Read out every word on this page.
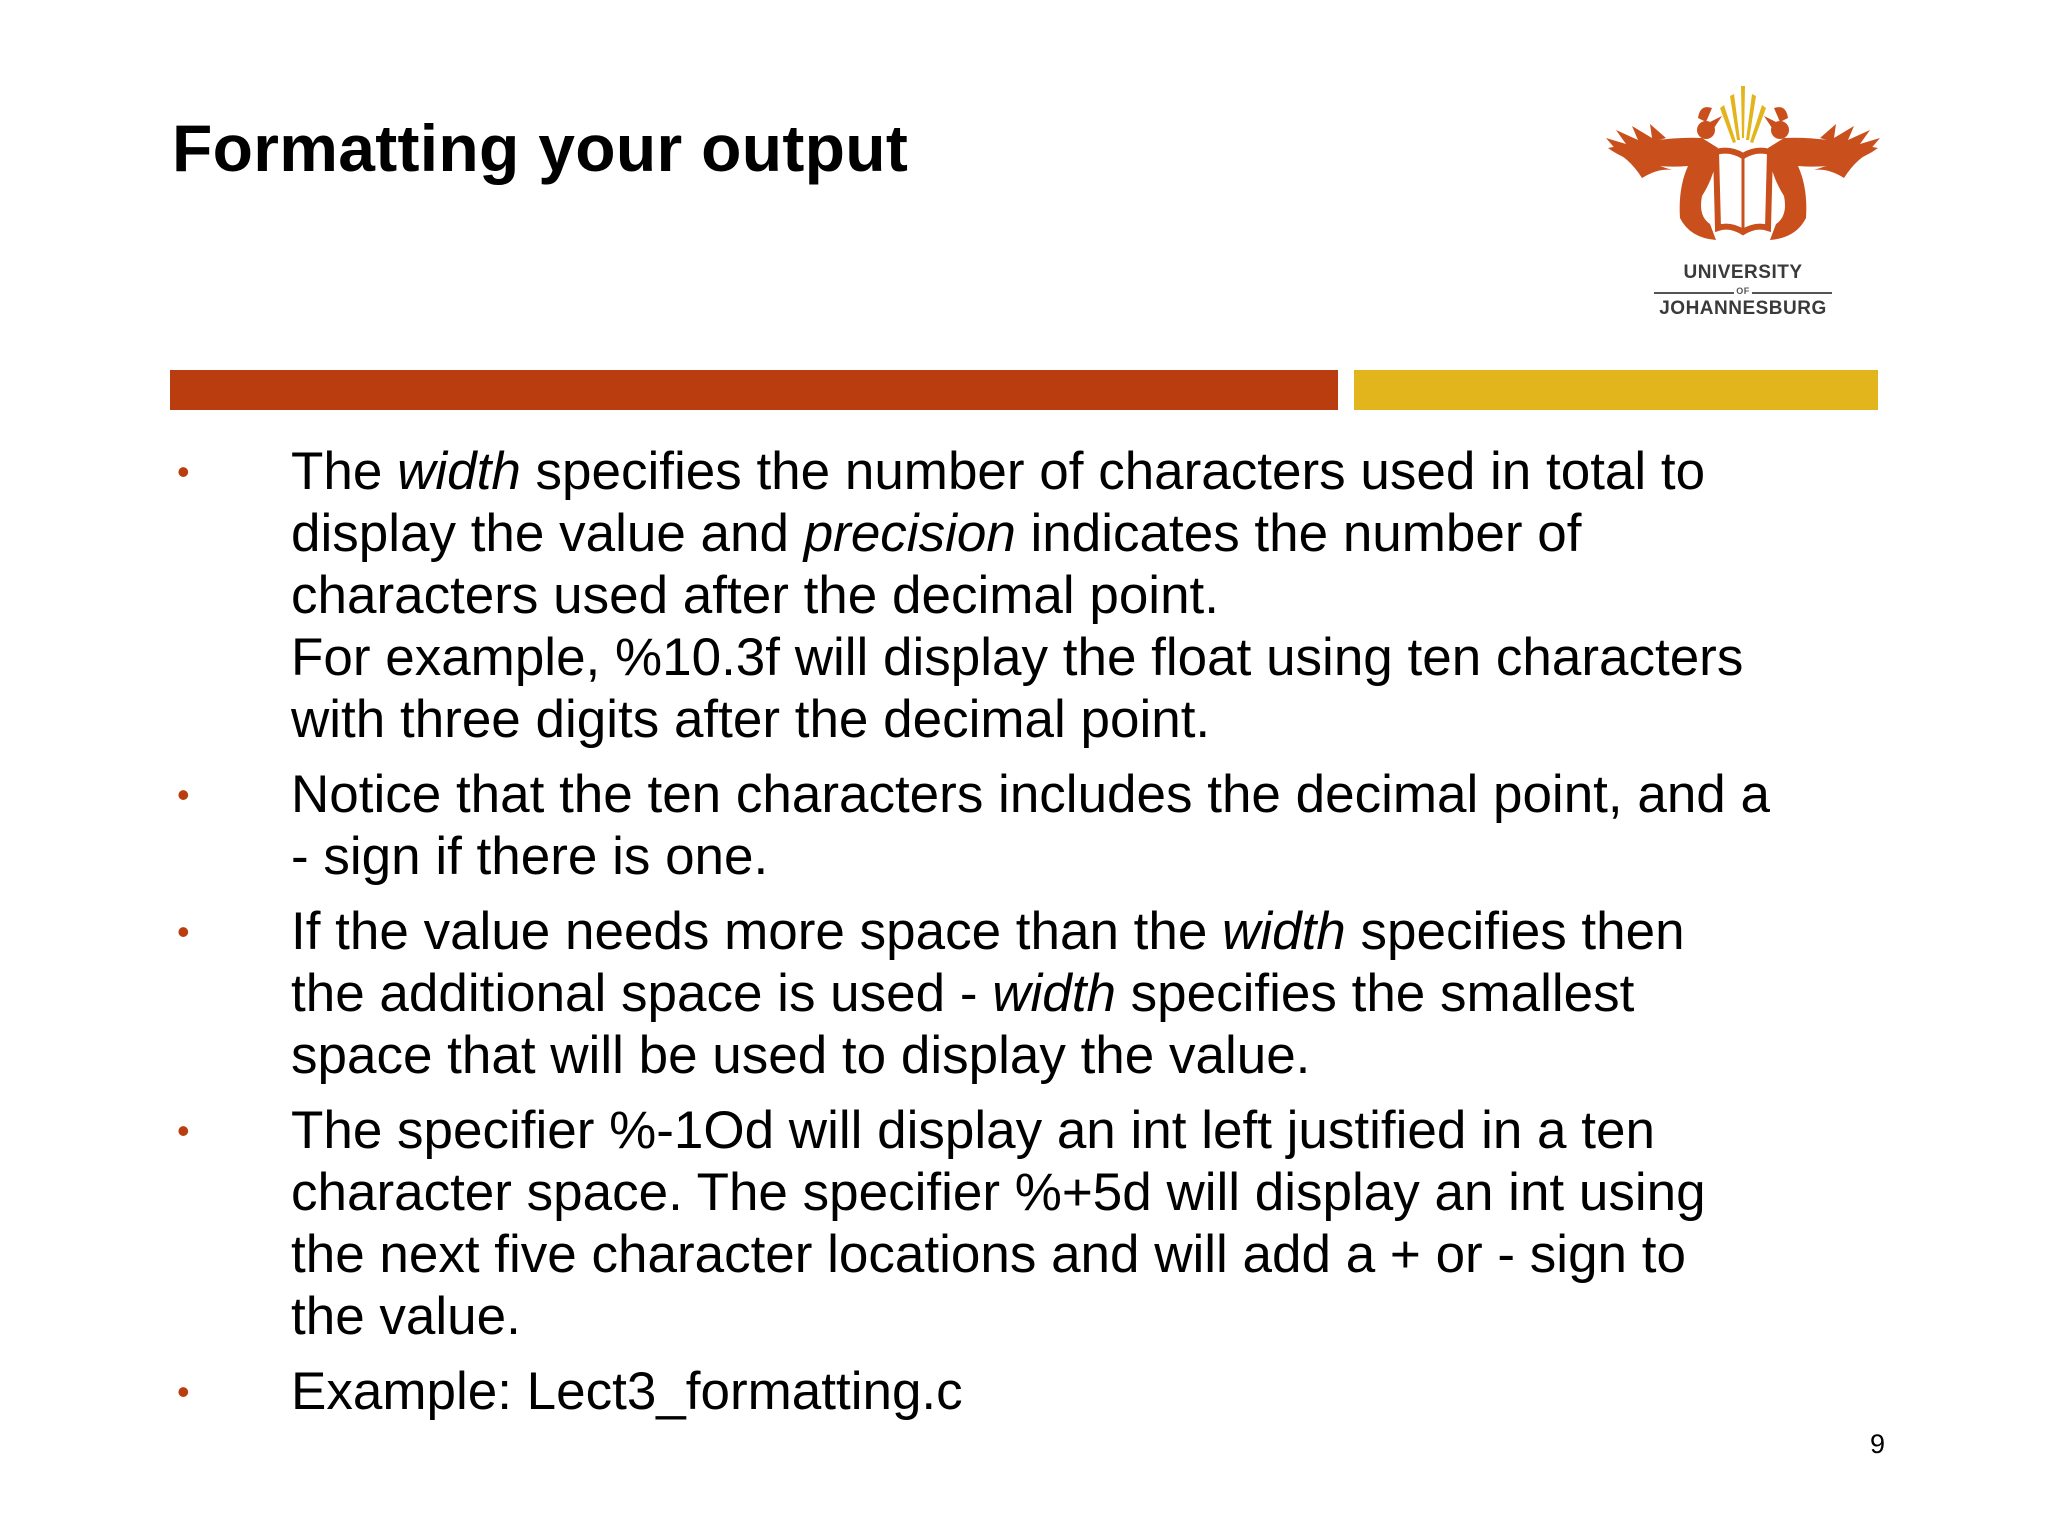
Formatting your output
UNIVERSITY
OF
JOHANNESBURG
• The width specifies the number of characters used in total to
display the value and precision indicates the number of
characters used after the decimal point.
For example, %10.3f will display the float using ten characters
with three digits after the decimal point.
• Notice that the ten characters includes the decimal point, and a
- sign if there is one.
• If the value needs more space than the width specifies then
the additional space is used - width specifies the smallest
space that will be used to display the value.
• The specifier %-1Od will display an int left justified in a ten
character space. The specifier %+5d will display an int using
the next five character locations and will add a + or - sign to
the value.
• Example: Lect3_formatting.c
9
